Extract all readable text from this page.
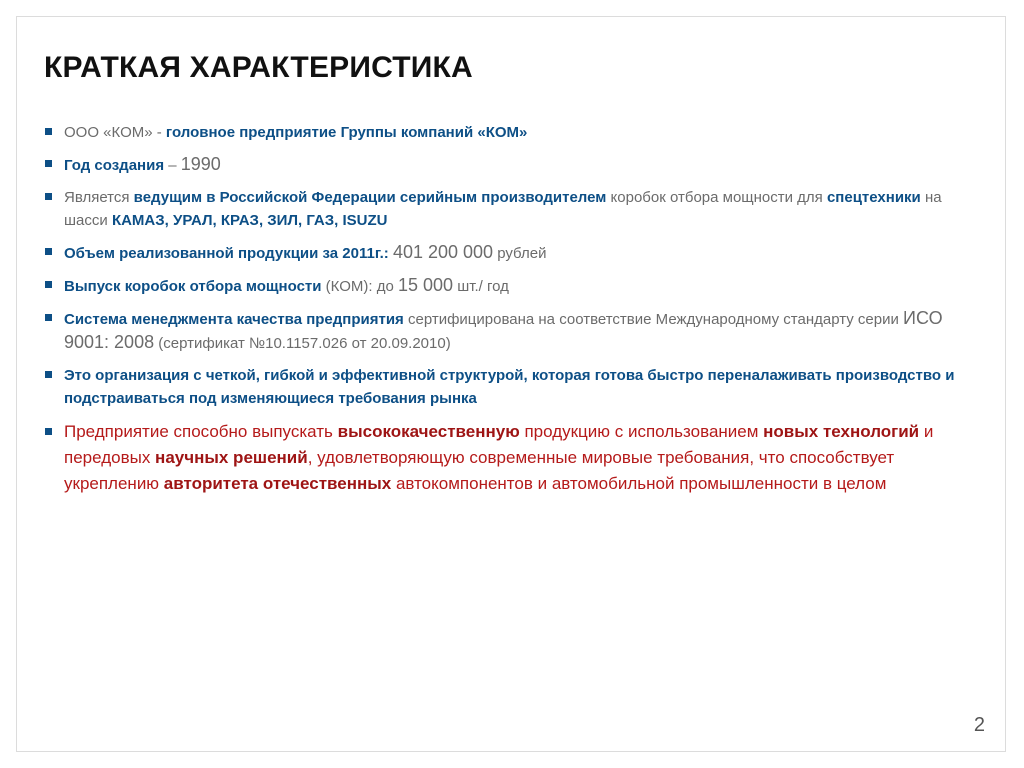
КРАТКАЯ ХАРАКТЕРИСТИКА
ООО «КОМ» - головное предприятие Группы компаний «КОМ»
Год создания – 1990
Является ведущим в Российской Федерации серийным производителем коробок отбора мощности для спецтехники на шасси КАМАЗ, УРАЛ, КРАЗ, ЗИЛ, ГАЗ, ISUZU
Объем реализованной продукции за 2011г.: 401 200 000 рублей
Выпуск коробок отбора мощности (КОМ): до 15 000 шт./ год
Система менеджмента качества предприятия сертифицирована на соответствие Международному стандарту серии ИСО 9001: 2008 (сертификат №10.1157.026 от 20.09.2010)
Это организация с четкой, гибкой и эффективной структурой, которая готова быстро переналаживать производство и подстраиваться под изменяющиеся требования рынка
Предприятие способно выпускать высококачественную продукцию с использованием новых технологий и передовых научных решений, удовлетворяющую современные мировые требования, что способствует укреплению авторитета отечественных автокомпонентов и автомобильной промышленности в целом
2
